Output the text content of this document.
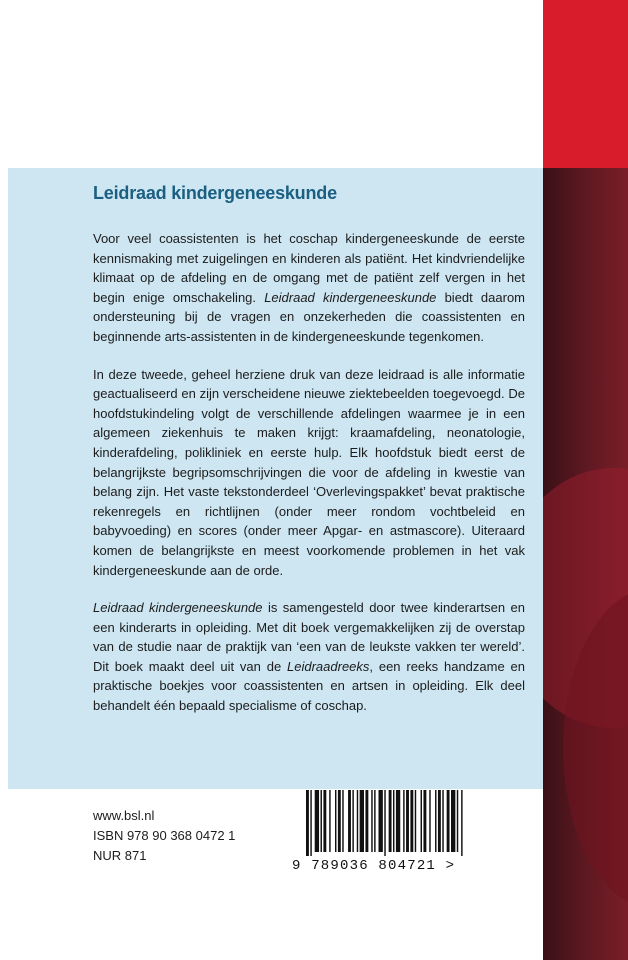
Leidraad kindergeneeskunde

Voor veel coassistenten is het coschap kindergeneeskunde de eerste kennismaking met zuigelingen en kinderen als patiënt. Het kindvriendelijke klimaat op de afdeling en de omgang met de patiënt zelf vergen in het begin enige omschakeling. Leidraad kindergeneeskunde biedt daarom ondersteuning bij de vragen en onzekerheden die coassistenten en beginnende arts-assistenten in de kindergeneeskunde tegenkomen.

In deze tweede, geheel herziene druk van deze leidraad is alle informatie geactualiseerd en zijn verscheidene nieuwe ziektebeelden toegevoegd. De hoofdstukindeling volgt de verschillende afdelingen waarmee je in een algemeen ziekenhuis te maken krijgt: kraamafdeling, neonatologie, kinderafdeling, polikliniek en eerste hulp. Elk hoofdstuk biedt eerst de belangrijkste begripsomschrijvingen die voor de afdeling in kwestie van belang zijn. Het vaste tekstonderdeel ‘Overlevingspakket’ bevat praktische rekenregels en richtlijnen (onder meer rondom vochtbeleid en babyvoeding) en scores (onder meer Apgar- en astmascore). Uiteraard komen de belangrijkste en meest voorkomende problemen in het vak kindergeneeskunde aan de orde.

Leidraad kindergeneeskunde is samengesteld door twee kinderartsen en een kinderarts in opleiding. Met dit boek vergemakkelijken zij de overstap van de studie naar de praktijk van ‘een van de leukste vakken ter wereld’. Dit boek maakt deel uit van de Leidraadreeks, een reeks handzame en praktische boekjes voor coassistenten en artsen in opleiding. Elk deel behandelt één bepaald specialisme of coschap.

www.bsl.nl
ISBN 978 90 368 0472 1
NUR 871
9 789036 804721 >
